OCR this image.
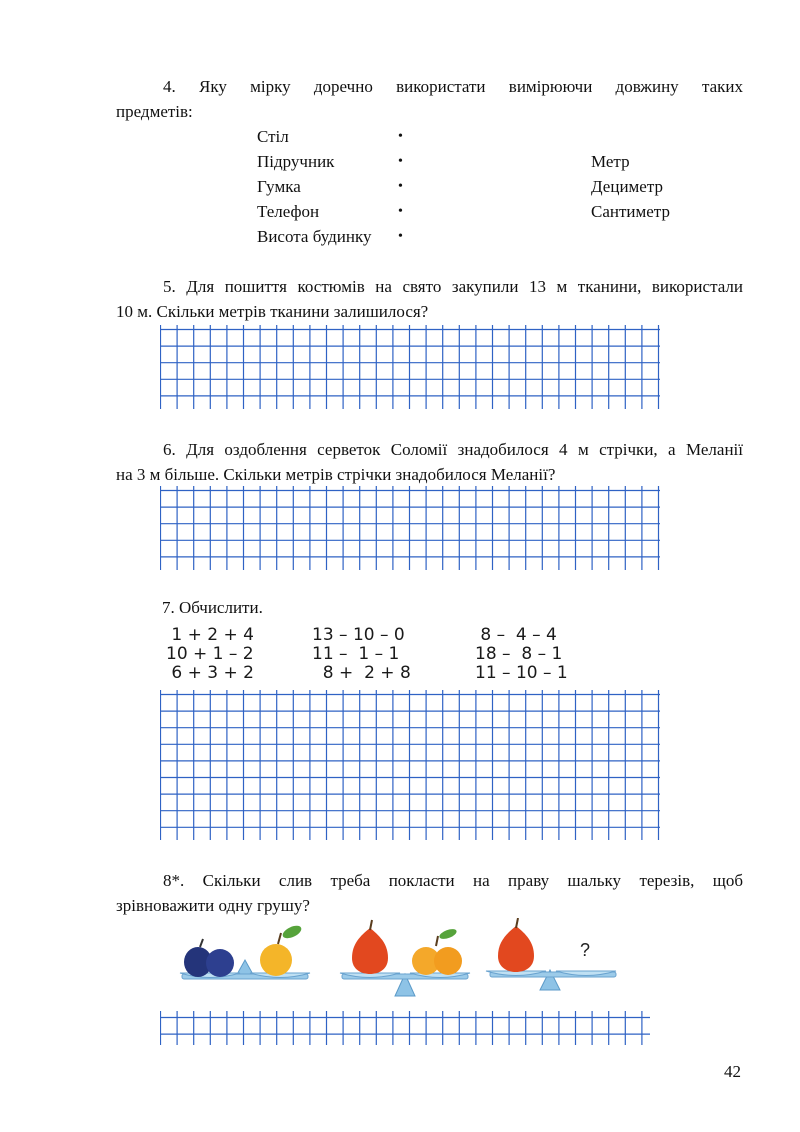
4. Яку мірку доречно використати вимірюючи довжину таких
предметів:
Стіл
Підручник
Гумка
Телефон
Висота будинку
•
•
•
•
•
Метр
Дециметр
Сантиметр
5. Для пошиття костюмів на свято закупили 13 м тканини, використали
10 м. Скільки метрів тканини залишилося?
6. Для оздоблення серветок Соломії знадобилося 4 м стрічки, а Меланії
на 3 м більше. Скільки метрів стрічки знадобилося Меланії?
7. Обчислити.
1 + 2 + 4
10 + 1 – 2
6 + 3 + 2
13 – 10 – 0
11 –  1 – 1
8 +  2 + 8
8 –  4 – 4
18 –  8 – 1
11 – 10 – 1
8*. Скільки слив треба покласти на праву шальку терезів, щоб
зрівноважити одну грушу?
?
42
